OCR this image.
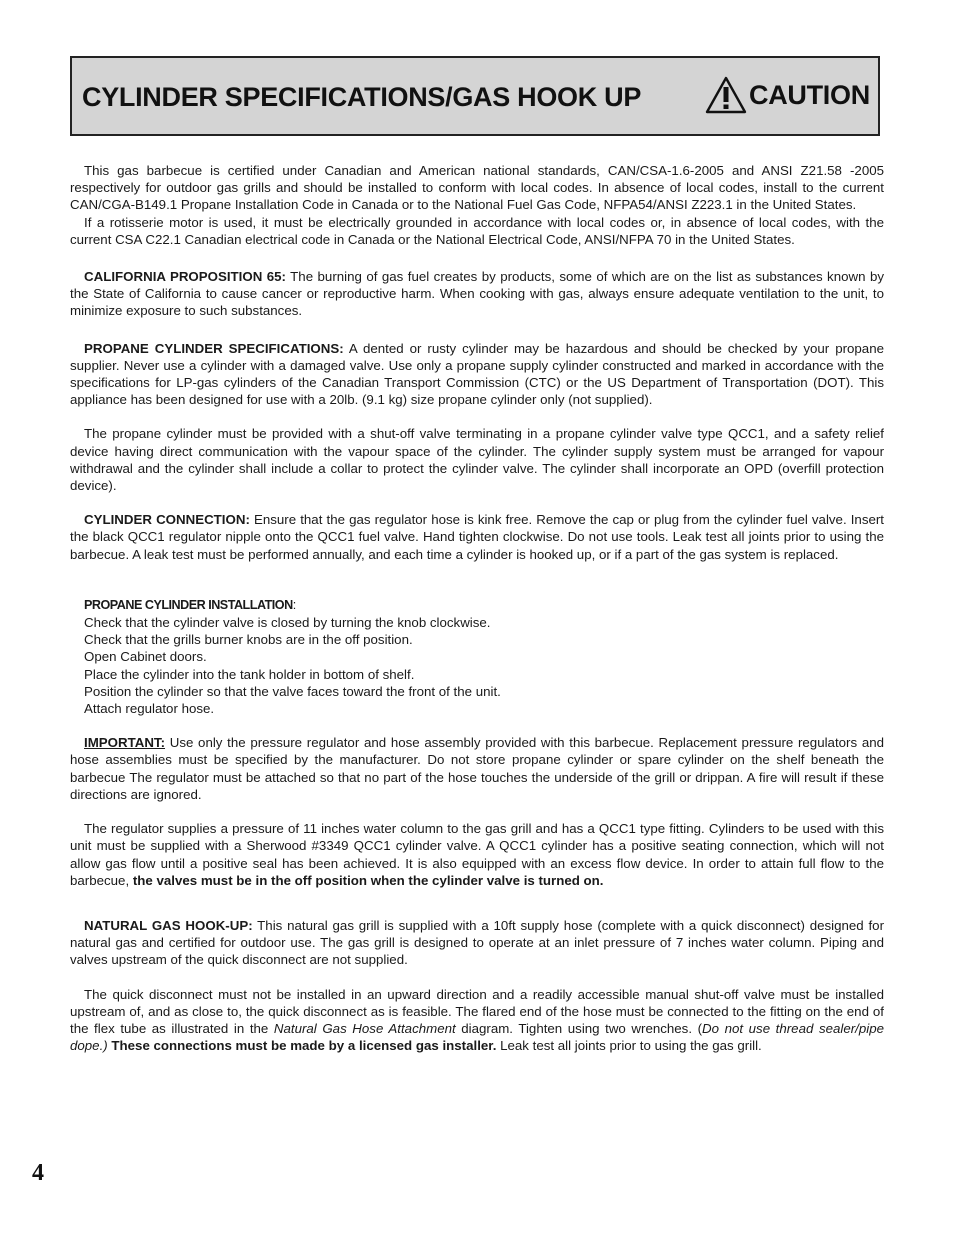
CYLINDER SPECIFICATIONS/GAS HOOK UP	CAUTION

This gas barbecue is certified under Canadian and American national standards, CAN/CSA-1.6-2005 and ANSI Z21.58 -2005 respectively for outdoor gas grills and should be installed to conform with local codes. In absence of local codes, install to the current CAN/CGA-B149.1 Propane Installation Code in Canada or to the National Fuel Gas Code, NFPA54/ANSI Z223.1 in the United States.

If a rotisserie motor is used, it must be electrically grounded in accordance with local codes or, in absence of local codes, with the current CSA C22.1 Canadian electrical code in Canada or the National Electrical Code, ANSI/NFPA 70 in the United States.

CALIFORNIA PROPOSITION 65: The burning of gas fuel creates by products, some of which are on the list as substances known by the State of California to cause cancer or reproductive harm. When cooking with gas, always ensure adequate ventilation to the unit, to minimize exposure to such substances.

PROPANE CYLINDER SPECIFICATIONS: A dented or rusty cylinder may be hazardous and should be checked by your propane supplier. Never use a cylinder with a damaged valve. Use only a propane supply cylinder constructed and marked in accordance with the specifications for LP-gas cylinders of the Canadian Transport Commission (CTC) or the US Department of Transportation (DOT). This appliance has been designed for use with a 20lb. (9.1 kg) size propane cylinder only (not supplied).

The propane cylinder must be provided with a shut-off valve terminating in a propane cylinder valve type QCC1, and a safety relief device having direct communication with the vapour space of the cylinder. The cylinder supply system must be arranged for vapour withdrawal and the cylinder shall include a collar to protect the cylinder valve. The cylinder shall incorporate an OPD (overfill protection device).

CYLINDER CONNECTION: Ensure that the gas regulator hose is kink free. Remove the cap or plug from the cylinder fuel valve. Insert the black QCC1 regulator nipple onto the QCC1 fuel valve. Hand tighten clockwise. Do not use tools. Leak test all joints prior to using the barbecue. A leak test must be performed annually, and each time a cylinder is hooked up, or if a part of the gas system is replaced.

PROPANE CYLINDER INSTALLATION:
Check that the cylinder valve is closed by turning the knob clockwise.
Check that the grills burner knobs are in the off position.
Open Cabinet doors.
Place the cylinder into the tank holder in bottom of shelf.
Position the cylinder so that the valve faces toward the front of the unit.
Attach regulator hose.

IMPORTANT: Use only the pressure regulator and hose assembly provided with this barbecue. Replacement pressure regulators and hose assemblies must be specified by the manufacturer. Do not store propane cylinder or spare cylinder on the shelf beneath the barbecue The regulator must be attached so that no part of the hose touches the underside of the grill or drippan. A fire will result if these directions are ignored.

The regulator supplies a pressure of 11 inches water column to the gas grill and has a QCC1 type fitting. Cylinders to be used with this unit must be supplied with a Sherwood #3349 QCC1 cylinder valve. A QCC1 cylinder has a positive seating connection, which will not allow gas flow until a positive seal has been achieved. It is also equipped with an excess flow device. In order to attain full flow to the barbecue, the valves must be in the off position when the cylinder valve is turned on.

NATURAL GAS HOOK-UP: This natural gas grill is supplied with a 10ft supply hose (complete with a quick disconnect) designed for natural gas and certified for outdoor use. The gas grill is designed to operate at an inlet pressure of 7 inches water column. Piping and valves upstream of the quick disconnect are not supplied.

The quick disconnect must not be installed in an upward direction and a readily accessible manual shut-off valve must be installed upstream of, and as close to, the quick disconnect as is feasible. The flared end of the hose must be connected to the fitting on the end of the flex tube as illustrated in the Natural Gas Hose Attachment diagram. Tighten using two wrenches. (Do not use thread sealer/pipe dope.) These connections must be made by a licensed gas installer. Leak test all joints prior to using the gas grill.

4
